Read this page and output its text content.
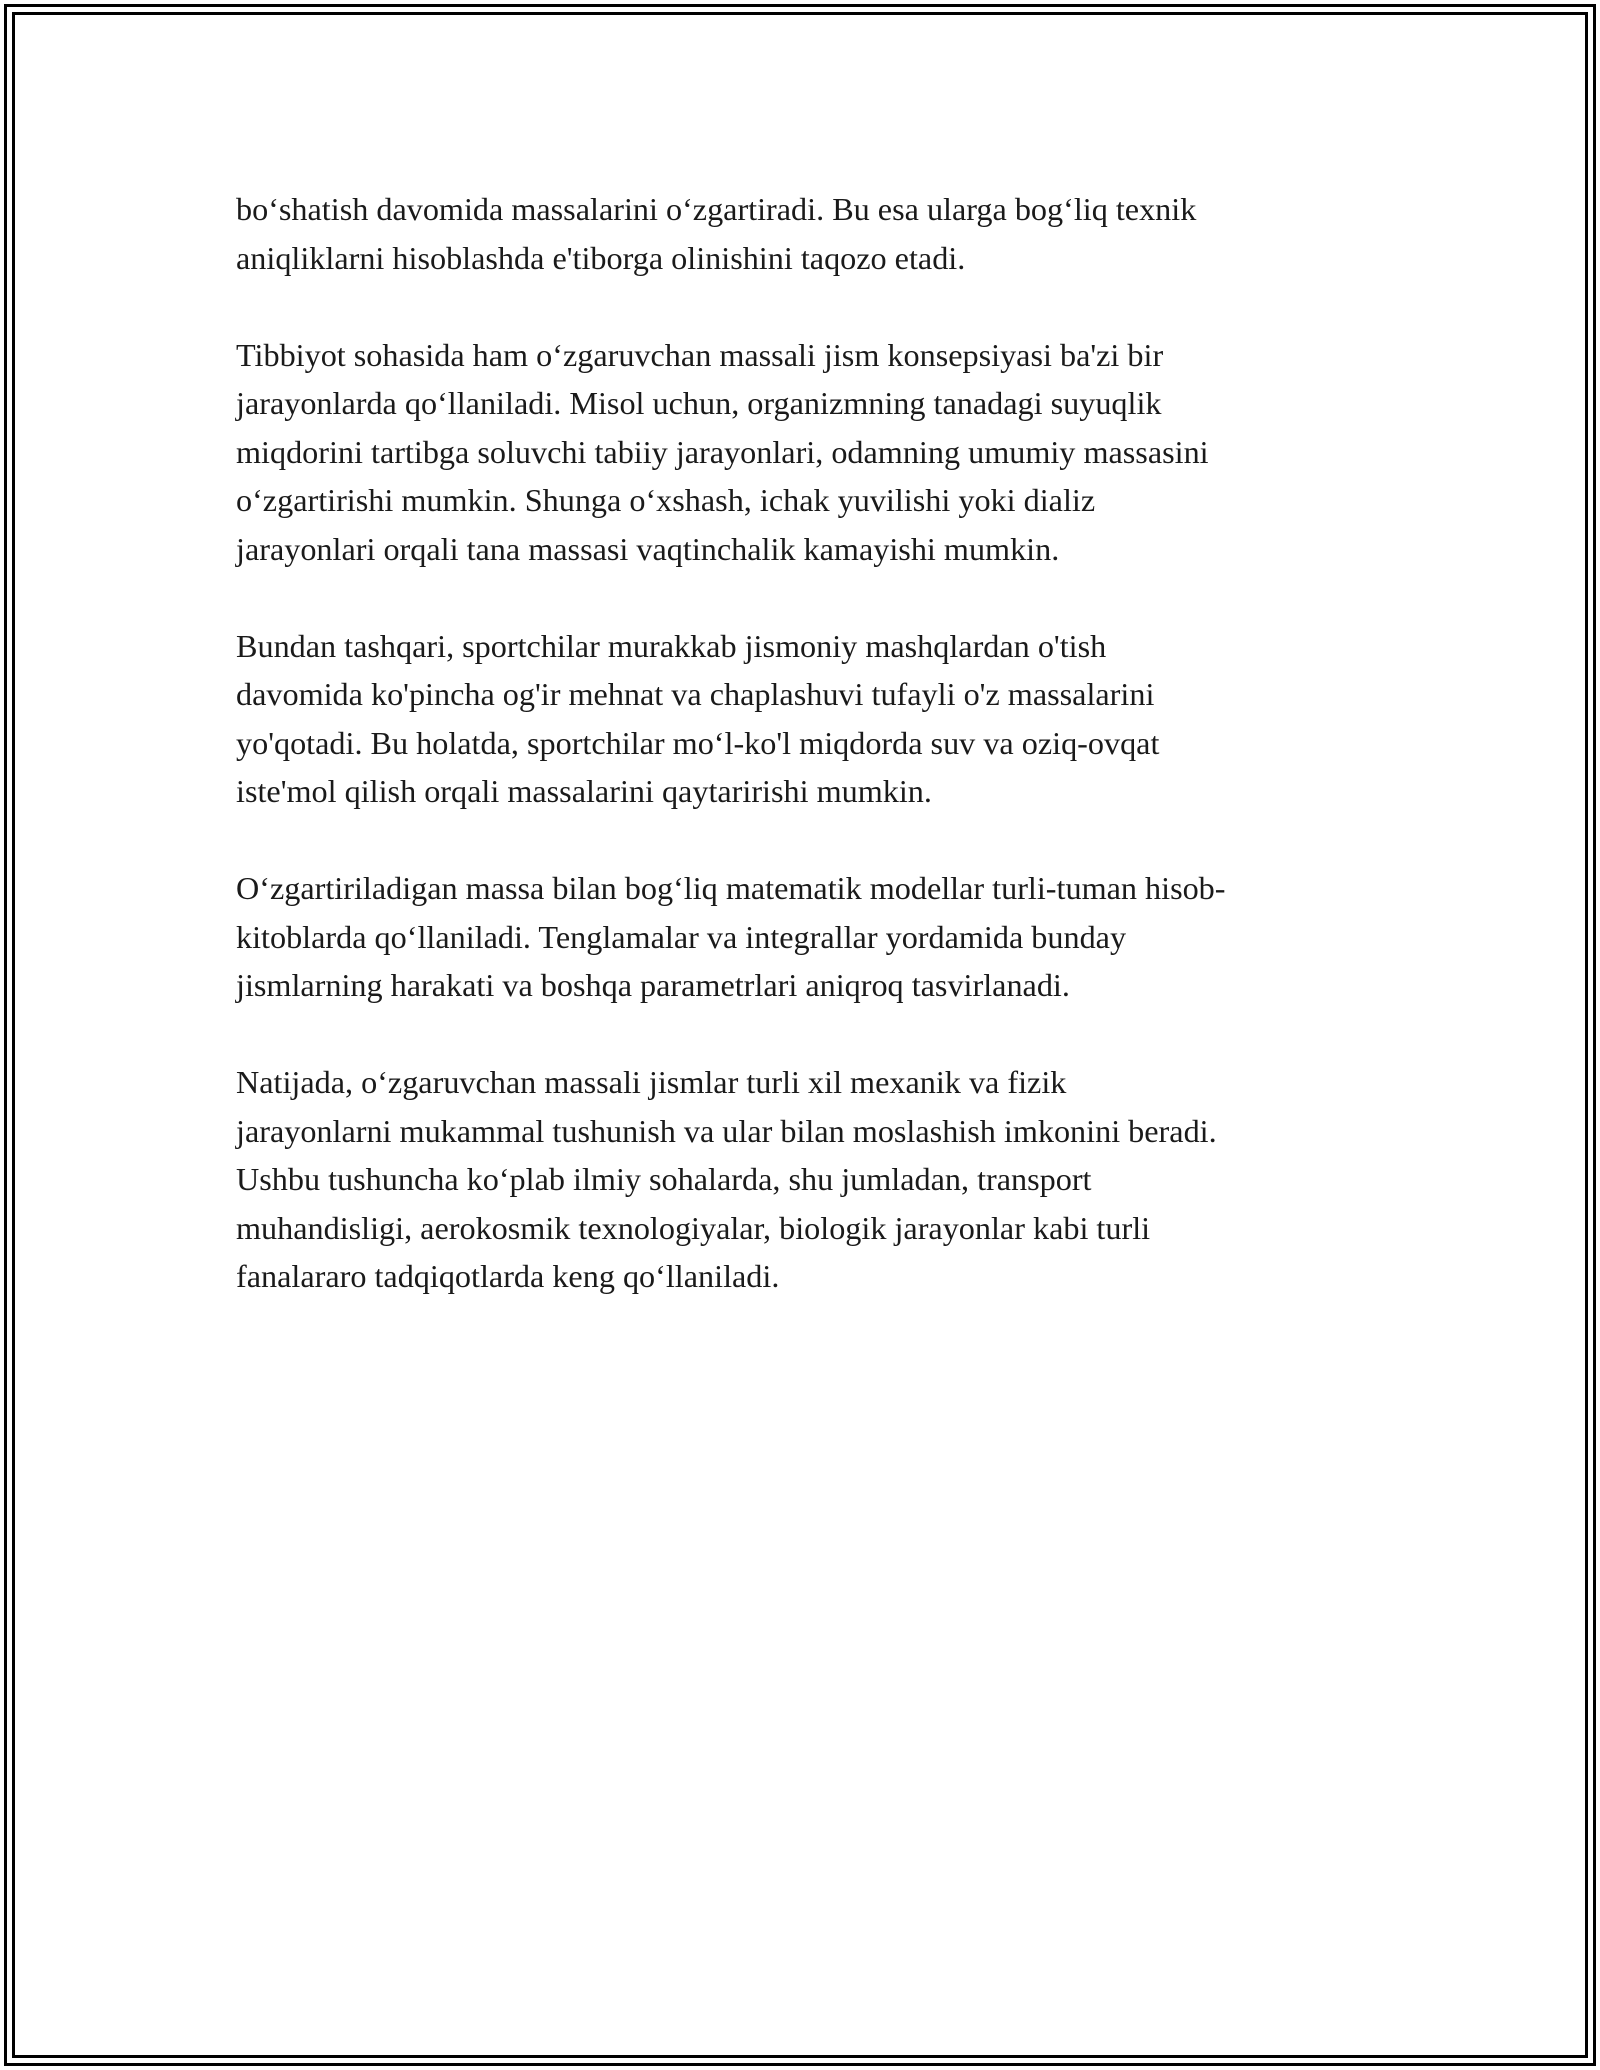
bo‘shatish davomida massalarini o‘zgartiradi. Bu esa ularga bog‘liq texnik
aniqliklarni hisoblashda e'tiborga olinishini taqozo etadi.

Tibbiyot sohasida ham o‘zgaruvchan massali jism konsepsiyasi ba'zi bir
jarayonlarda qo‘llaniladi. Misol uchun, organizmning tanadagi suyuqlik
miqdorini tartibga soluvchi tabiiy jarayonlari, odamning umumiy massasini
o‘zgartirishi mumkin. Shunga o‘xshash, ichak yuvilishi yoki dializ
jarayonlari orqali tana massasi vaqtinchalik kamayishi mumkin.

Bundan tashqari, sportchilar murakkab jismoniy mashqlardan o'tish
davomida ko'pincha og'ir mehnat va chaplashuvi tufayli o'z massalarini
yo'qotadi. Bu holatda, sportchilar mo‘l-ko'l miqdorda suv va oziq-ovqat
iste'mol qilish orqali massalarini qaytaririshi mumkin.

O‘zgartiriladigan massa bilan bog‘liq matematik modellar turli-tuman hisob-
kitoblarda qo‘llaniladi. Tenglamalar va integrallar yordamida bunday
jismlarning harakati va boshqa parametrlari aniqroq tasvirlanadi.

Natijada, o‘zgaruvchan massali jismlar turli xil mexanik va fizik
jarayonlarni mukammal tushunish va ular bilan moslashish imkonini beradi.
Ushbu tushuncha ko‘plab ilmiy sohalarda, shu jumladan, transport
muhandisligi, aerokosmik texnologiyalar, biologik jarayonlar kabi turli
fanalararo tadqiqotlarda keng qo‘llaniladi.
